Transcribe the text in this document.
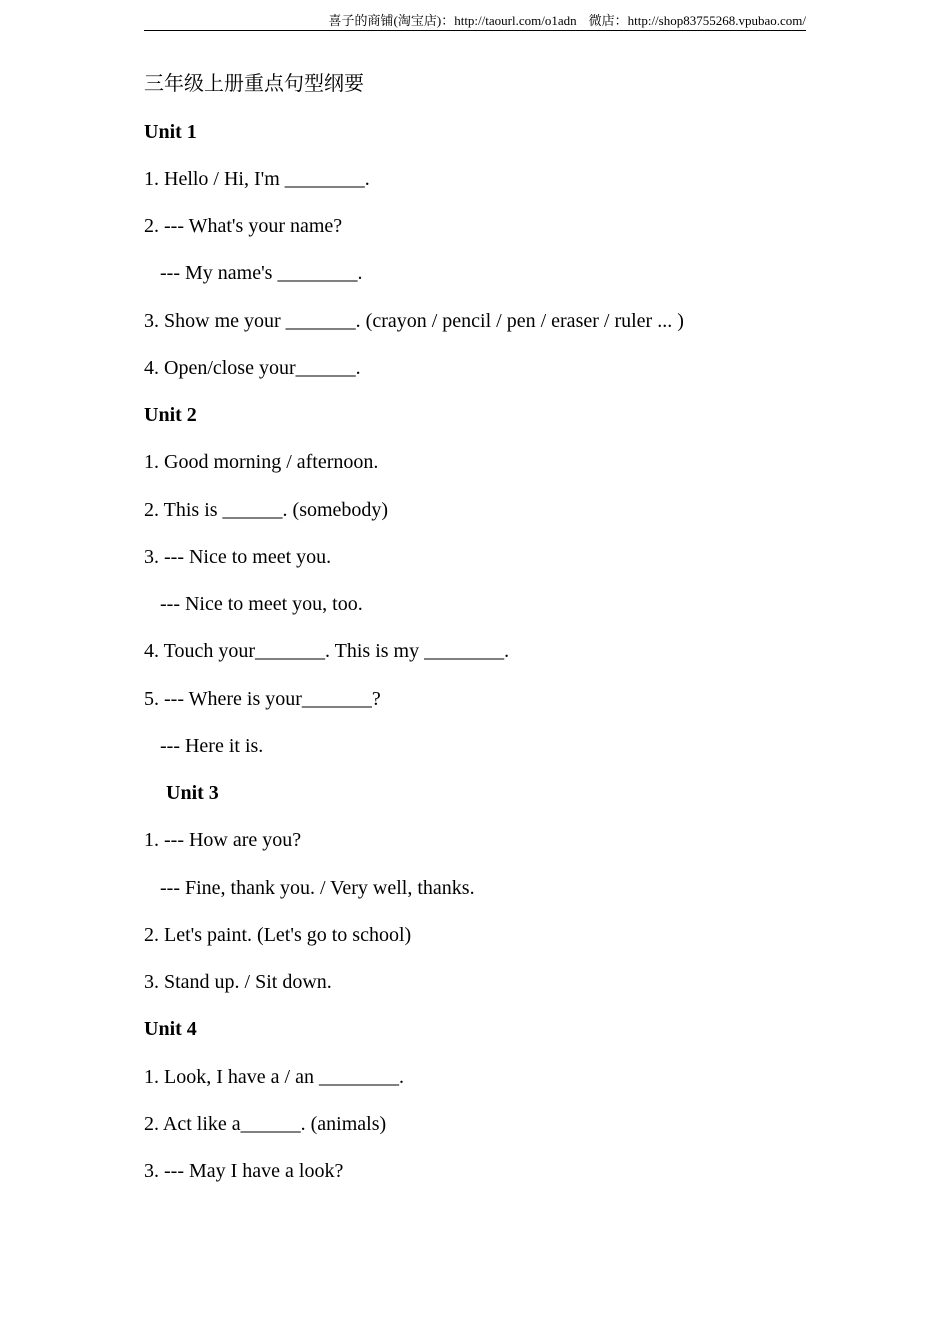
喜子的商铺(淘宝店)：http://taourl.com/o1adn 微店：http://shop83755268.vpubao.com/
三年级上册重点句型纲要
Unit 1
1. Hello / Hi, I'm ________.
2. --- What's your name?
--- My name's ________.
3. Show me your _______. (crayon / pencil / pen / eraser / ruler ... )
4. Open/close your______.
Unit 2
1. Good morning / afternoon.
2. This is ______. (somebody)
3. --- Nice to meet you.
--- Nice to meet you, too.
4. Touch your_______. This is my ________.
5. --- Where is your_______?
--- Here it is.
Unit 3
1. --- How are you?
--- Fine, thank you. / Very well, thanks.
2. Let's paint. (Let's go to school)
3. Stand up. / Sit down.
Unit 4
1. Look, I have a / an ________.
2. Act like a______. (animals)
3. --- May I have a look?
